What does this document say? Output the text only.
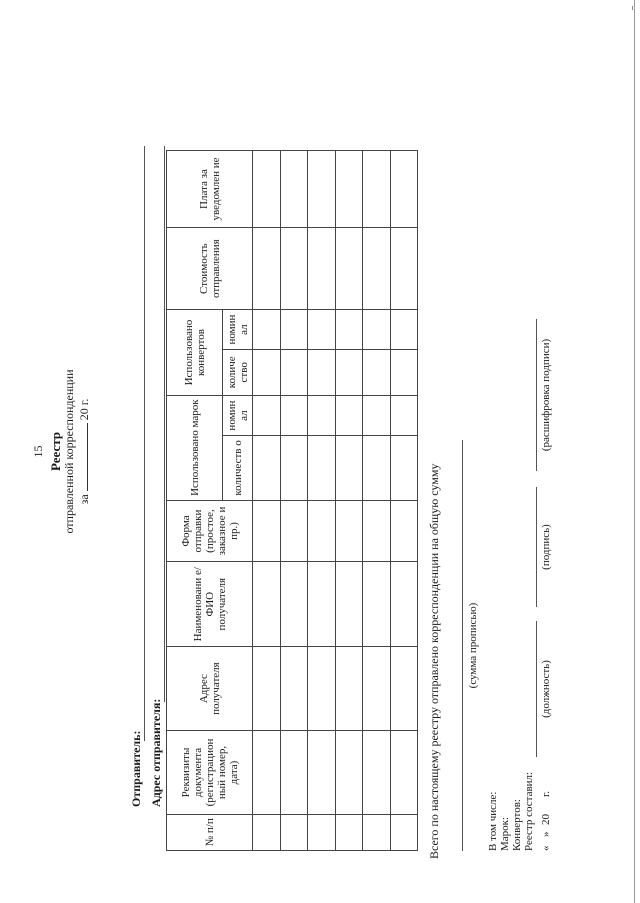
15 Реестр отправленной корреспонденции за  20 г.
Отправитель: Адрес отправителя:
№ п/п	Реквизиты документа (регистрацион ный номер, дата)	Адрес получателя	Наименовани е/ФИО получателя	Форма отправки (простое, заказное и пр.)	Использовано марок		Использовано конвертов		Стоимость отправления	Плата за уведомлен ие
					количеств о	номин ал	количе ство	номин ал		

Всего по настоящему реестру отправлено корреспонденции на общую сумму (сумма прописью)
В том числе: Марок: Конвертов: Реестр составил: «
»
20
г.
(должность)
(подпись)
(расшифровка подписи)
